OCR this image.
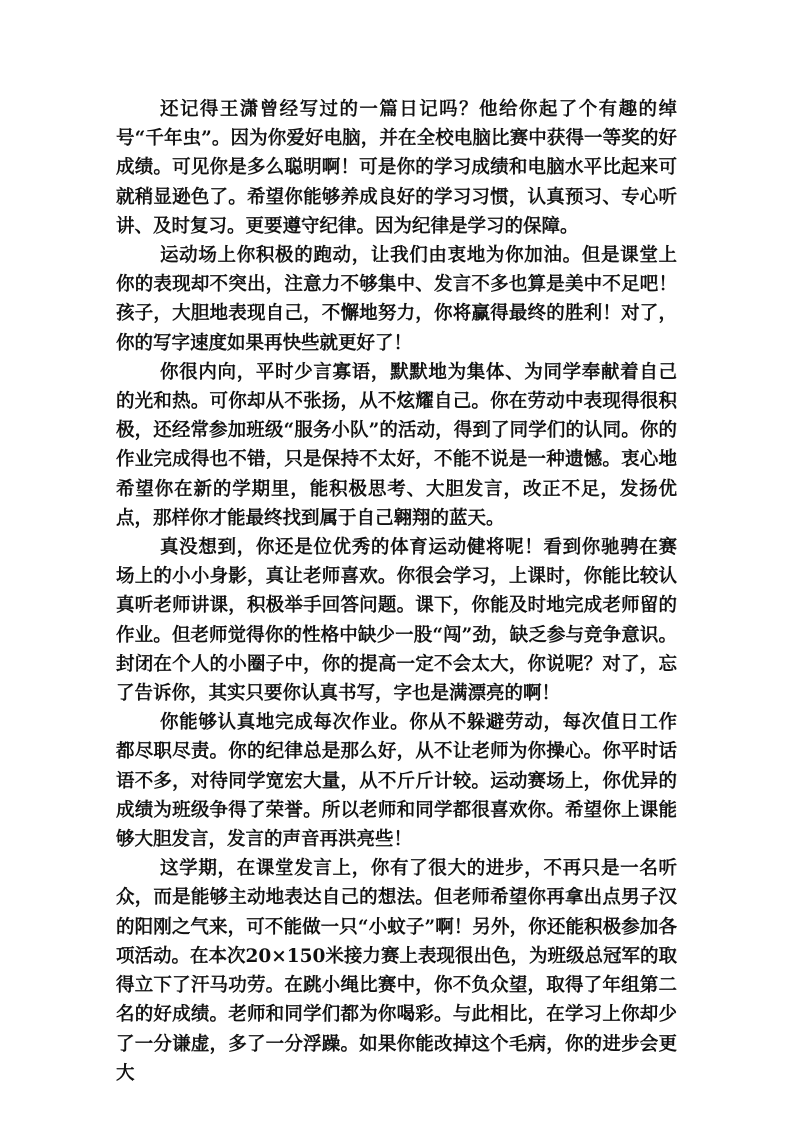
还记得王潇曾经写过的一篇日记吗？他给你起了个有趣的绰号“千年虫”。因为你爱好电脑，并在全校电脑比赛中获得一等奖的好成绩。可见你是多么聪明啊！可是你的学习成绩和电脑水平比起来可就稍显逊色了。希望你能够养成良好的学习习惯，认真预习、专心听讲、及时复习。更要遵守纪律。因为纪律是学习的保障。

运动场上你积极的跑动，让我们由衷地为你加油。但是课堂上你的表现却不突出，注意力不够集中、发言不多也算是美中不足吧！孩子，大胆地表现自己，不懈地努力，你将赢得最终的胜利！对了，你的写字速度如果再快些就更好了！

你很内向，平时少言寡语，默默地为集体、为同学奉献着自己的光和热。可你却从不张扬，从不炫耀自己。你在劳动中表现得很积极，还经常参加班级“服务小队”的活动，得到了同学们的认同。你的作业完成得也不错，只是保持不太好，不能不说是一种遗憾。衷心地希望你在新的学期里，能积极思考、大胆发言，改正不足，发扬优点，那样你才能最终找到属于自己翱翔的蓝天。

真没想到，你还是位优秀的体育运动健将呢！看到你驰骋在赛场上的小小身影，真让老师喜欢。你很会学习，上课时，你能比较认真听老师讲课，积极举手回答问题。课下，你能及时地完成老师留的作业。但老师觉得你的性格中缺少一股“闯”劲，缺乏参与竞争意识。封闭在个人的小圈子中，你的提高一定不会太大，你说呢？对了，忘了告诉你，其实只要你认真书写，字也是满漂亮的啊！

你能够认真地完成每次作业。你从不躲避劳动，每次值日工作都尽职尽责。你的纪律总是那么好，从不让老师为你操心。你平时话语不多，对待同学宽宏大量，从不斤斤计较。运动赛场上，你优异的成绩为班级争得了荣誉。所以老师和同学都很喜欢你。希望你上课能够大胆发言，发言的声音再洪亮些！

这学期，在课堂发言上，你有了很大的进步，不再只是一名听众，而是能够主动地表达自己的想法。但老师希望你再拿出点男子汉的阳刚之气来，可不能做一只“小蚊子”啊！另外，你还能积极参加各项活动。在本次20×150米接力赛上表现很出色，为班级总冠军的取得立下了汗马功劳。在跳小绳比赛中，你不负众望，取得了年组第二名的好成绩。老师和同学们都为你喝彩。与此相比，在学习上你却少了一分谦虚，多了一分浮躁。如果你能改掉这个毛病，你的进步会更大
